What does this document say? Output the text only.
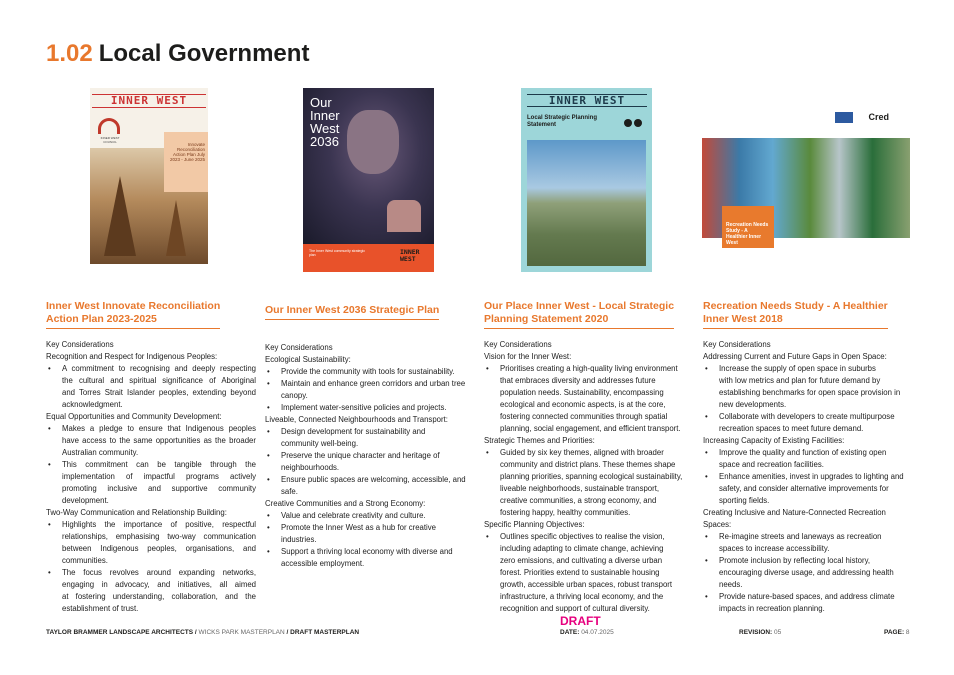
1.02 Local Government
INNER WEST
INNER WEST COUNCIL	Innovate Reconciliation Action Plan July 2023 - June 2025
Our
Inner
West
2036
The Inner West community strategic plan	INNER WEST
INNER WEST
Local Strategic Planning Statement
Cred
Recreation Needs Study - A Healthier Inner West
Inner West Innovate Reconciliation
Action Plan 2023-2025
Key Considerations
Recognition and Respect for Indigenous Peoples:
• A commitment to recognising and deeply respecting
the cultural and spiritual significance of Aboriginal
and Torres Strait Islander peoples, extending beyond
acknowledgment.
Equal Opportunities and Community Development:
• Makes a pledge to ensure that Indigenous peoples
have access to the same opportunities as the broader
Australian community.
• This commitment can be tangible through the
implementation of impactful programs actively
promoting inclusive and supportive community
development.
Two-Way Communication and Relationship Building:
• Highlights the importance of positive, respectful
relationships, emphasising two-way communication
between Indigenous peoples, organisations, and
communities.
• The focus revolves around expanding networks,
engaging in advocacy, and initiatives, all aimed
at fostering understanding, collaboration, and the
establishment of trust.
Our Inner West 2036 Strategic Plan
Key Considerations
Ecological Sustainability:
• Provide the community with tools for sustainability.
• Maintain and enhance green corridors and urban tree
canopy.
• Implement water-sensitive policies and projects.
Liveable, Connected Neighbourhoods and Transport:
• Design development for sustainability and
community well-being.
• Preserve the unique character and heritage of
neighbourhoods.
• Ensure public spaces are welcoming, accessible, and
safe.
Creative Communities and a Strong Economy:
• Value and celebrate creativity and culture.
• Promote the Inner West as a hub for creative
industries.
• Support a thriving local economy with diverse and
accessible employment.
Our Place Inner West - Local Strategic
Planning Statement 2020
Key Considerations
Vision for the Inner West:
• Prioritises creating a high-quality living environment
that embraces diversity and addresses future
population needs. Sustainability, encompassing
ecological and economic aspects, is at the core,
fostering connected communities through spatial
planning, social engagement, and efficient transport.
Strategic Themes and Priorities:
• Guided by six key themes, aligned with broader
community and district plans. These themes shape
planning priorities, spanning ecological sustainability,
liveable neighborhoods, sustainable transport,
creative communities, a strong economy, and
fostering happy, healthy communities.
Specific Planning Objectives:
• Outlines specific objectives to realise the vision,
including adapting to climate change, achieving
zero emissions, and cultivating a diverse urban
forest. Priorities extend to sustainable housing
growth, accessible urban spaces, robust transport
infrastructure, a thriving local economy, and the
recognition and support of cultural diversity.
Recreation Needs Study - A Healthier
Inner West 2018
Key Considerations
Addressing Current and Future Gaps in Open Space:
• Increase the supply of open space in suburbs
with low metrics and plan for future demand by
establishing benchmarks for open space provision in
new developments.
• Collaborate with developers to create multipurpose
recreation spaces to meet future demand.
Increasing Capacity of Existing Facilities:
• Improve the quality and function of existing open
space and recreation facilities.
• Enhance amenities, invest in upgrades to lighting and
safety, and consider alternative improvements for
sporting fields.
Creating Inclusive and Nature-Connected Recreation
Spaces:
• Re-imagine streets and laneways as recreation
spaces to increase accessibility.
• Promote inclusion by reflecting local history,
encouraging diverse usage, and addressing health
needs.
• Provide nature-based spaces, and address climate
impacts in recreation planning.
TAYLOR BRAMMER LANDSCAPE ARCHITECTS / WICKS PARK MASTERPLAN / DRAFT MASTERPLAN
DRAFT
DATE: 04.07.2025	REVISION: 05	PAGE: 8
